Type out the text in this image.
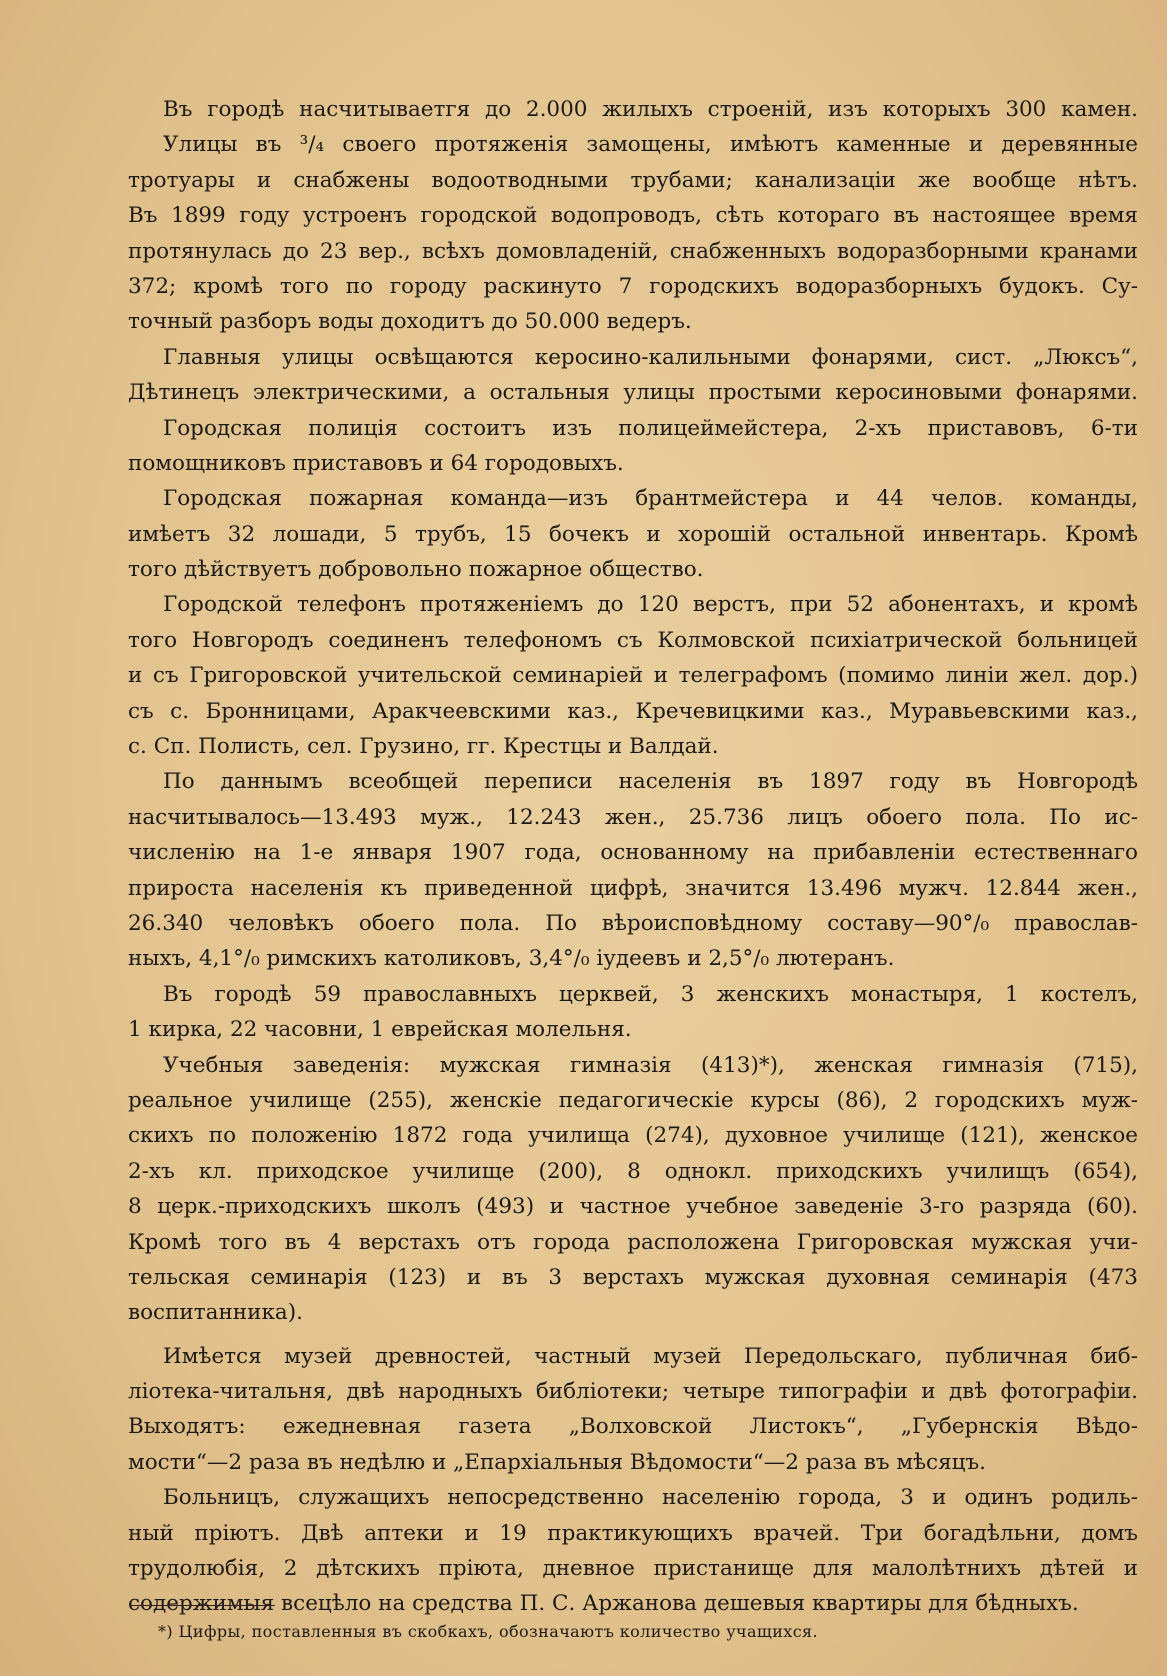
Въ городѣ насчитываетгя до 2.000 жилыхъ строеній, изъ которыхъ 300 камен.
Улицы въ ³/₄ своего протяженія замощены, имѣютъ каменные и деревянные
тротуары и снабжены водоотводными трубами; канализаціи же вообще нѣтъ.
Въ 1899 году устроенъ городской водопроводъ, сѣть котораго въ настоящее время
протянулась до 23 вер., всѣхъ домовладеній, снабженныхъ водоразборными кранами
372; кромѣ того по городу раскинуто 7 городскихъ водоразборныхъ будокъ. Су-
точный разборъ воды доходитъ до 50.000 ведеръ.
Главныя улицы освѣщаются керосино-калильными фонарями, сист. „Люксъ“,
Дѣтинецъ электрическими, а остальныя улицы простыми керосиновыми фонарями.
Городская полиція состоитъ изъ полицеймейстера, 2-хъ приставовъ, 6-ти
помощниковъ приставовъ и 64 городовыхъ.
Городская пожарная команда—изъ брантмейстера и 44 челов. команды,
имѣетъ 32 лошади, 5 трубъ, 15 бочекъ и хорошій остальной инвентарь. Кромѣ
того дѣйствуетъ добровольно пожарное общество.
Городской телефонъ протяженіемъ до 120 верстъ, при 52 абонентахъ, и кромѣ
того Новгородъ соединенъ телефономъ съ Колмовской психіатрической больницей
и съ Григоровской учительской семинаріей и телеграфомъ (помимо линіи жел. дор.)
съ с. Бронницами, Аракчеевскими каз., Кречевицкими каз., Муравьевскими каз.,
с. Сп. Полисть, сел. Грузино, гг. Крестцы и Валдай.
По даннымъ всеобщей переписи населенія въ 1897 году въ Новгородѣ
насчитывалось—13.493 муж., 12.243 жен., 25.736 лицъ обоего пола. По ис-
численію на 1-е января 1907 года, основанному на прибавленіи естественнаго
прироста населенія къ приведенной цифрѣ, значится 13.496 мужч. 12.844 жен.,
26.340 человѣкъ обоего пола. По вѣроисповѣдному составу—90°/₀ православ-
ныхъ, 4,1°/₀ римскихъ католиковъ, 3,4°/₀ іудеевъ и 2,5°/₀ лютеранъ.
Въ городѣ 59 православныхъ церквей, 3 женскихъ монастыря, 1 костелъ,
1 кирка, 22 часовни, 1 еврейская молельня.
Учебныя заведенія: мужская гимназія (413)*), женская гимназія (715),
реальное училище (255), женскіе педагогическіе курсы (86), 2 городскихъ муж-
скихъ по положенію 1872 года училища (274), духовное училище (121), женское
2-хъ кл. приходское училище (200), 8 однокл. приходскихъ училищъ (654),
8 церк.-приходскихъ школъ (493) и частное учебное заведеніе 3-го разряда (60).
Кромѣ того въ 4 верстахъ отъ города расположена Григоровская мужская учи-
тельская семинарія (123) и въ 3 верстахъ мужская духовная семинарія (473
воспитанника).
Имѣется музей древностей, частный музей Передольскаго, публичная биб-
ліотека-читальня, двѣ народныхъ библіотеки; четыре типографіи и двѣ фотографіи.
Выходятъ: ежедневная газета „Волховской Листокъ“, „Губернскія Вѣдо-
мости“—2 раза въ недѣлю и „Епархіальныя Вѣдомости“—2 раза въ мѣсяцъ.
Больницъ, служащихъ непосредственно населенію города, 3 и одинъ родиль-
ный пріютъ. Двѣ аптеки и 19 практикующихъ врачей. Три богадѣльни, домъ
трудолюбія, 2 дѣтскихъ пріюта, дневное пристанище для малолѣтнихъ дѣтей и
содержимыя всецѣло на средства П. С. Аржанова дешевыя квартиры для бѣдныхъ.
*) Цифры, поставленныя въ скобкахъ, обозначаютъ количество учащихся.
